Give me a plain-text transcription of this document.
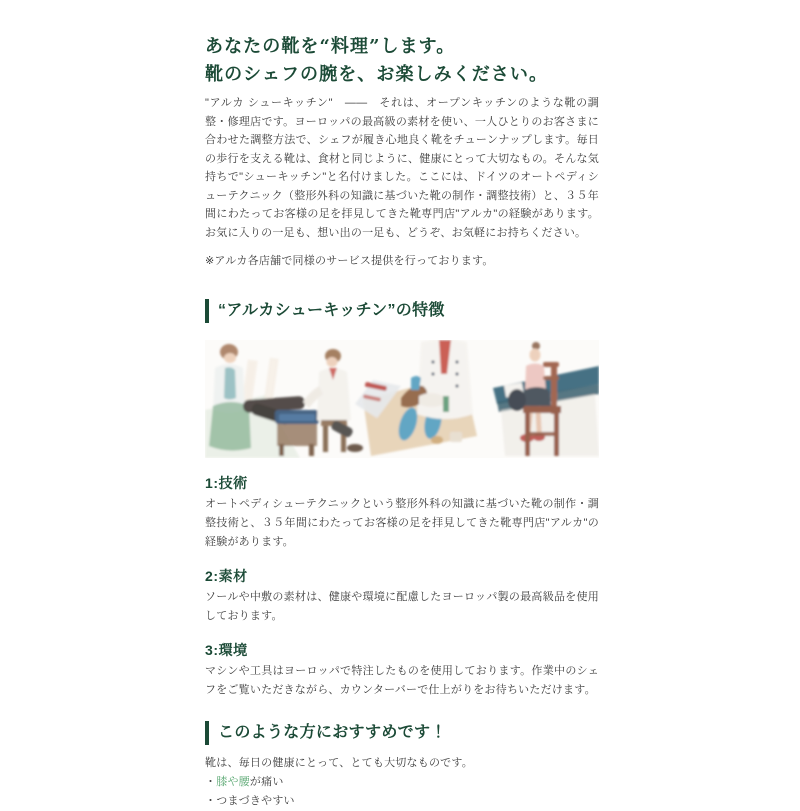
あなたの靴を“料理”します。
靴のシェフの腕を、お楽しみください。

"アルカ シューキッチン"　――　それは、オープンキッチンのような靴の調整・修理店です。ヨーロッパの最高級の素材を使い、一人ひとりのお客さまに合わせた調整方法で、シェフが履き心地良く靴をチューンナップします。毎日の歩行を支える靴は、食材と同じように、健康にとって大切なもの。そんな気持ちで"シューキッチン"と名付けました。ここには、ドイツのオートペディシューテクニック（整形外科の知識に基づいた靴の制作・調整技術）と、３５年間にわたってお客様の足を拝見してきた靴専門店"アルカ"の経験があります。お気に入りの一足も、想い出の一足も、どうぞ、お気軽にお持ちください。

※アルカ各店舗で同様のサービス提供を行っております。

“アルカシューキッチン”の特徴
1:技術

オートペディシューテクニックという整形外科の知識に基づいた靴の制作・調整技術と、３５年間にわたってお客様の足を拝見してきた靴専門店"アルカ"の経験があります。

2:素材

ソールや中敷の素材は、健康や環境に配慮したヨーロッパ製の最高級品を使用しております。

3:環境

マシンや工具はヨーロッパで特注したものを使用しております。作業中のシェフをご覧いただきながら、カウンターバーで仕上がりをお待ちいただけます。

このような方におすすめです！

靴は、毎日の健康にとって、とても大切なものです。

・膝や腰が痛い
・つまづきやすい
